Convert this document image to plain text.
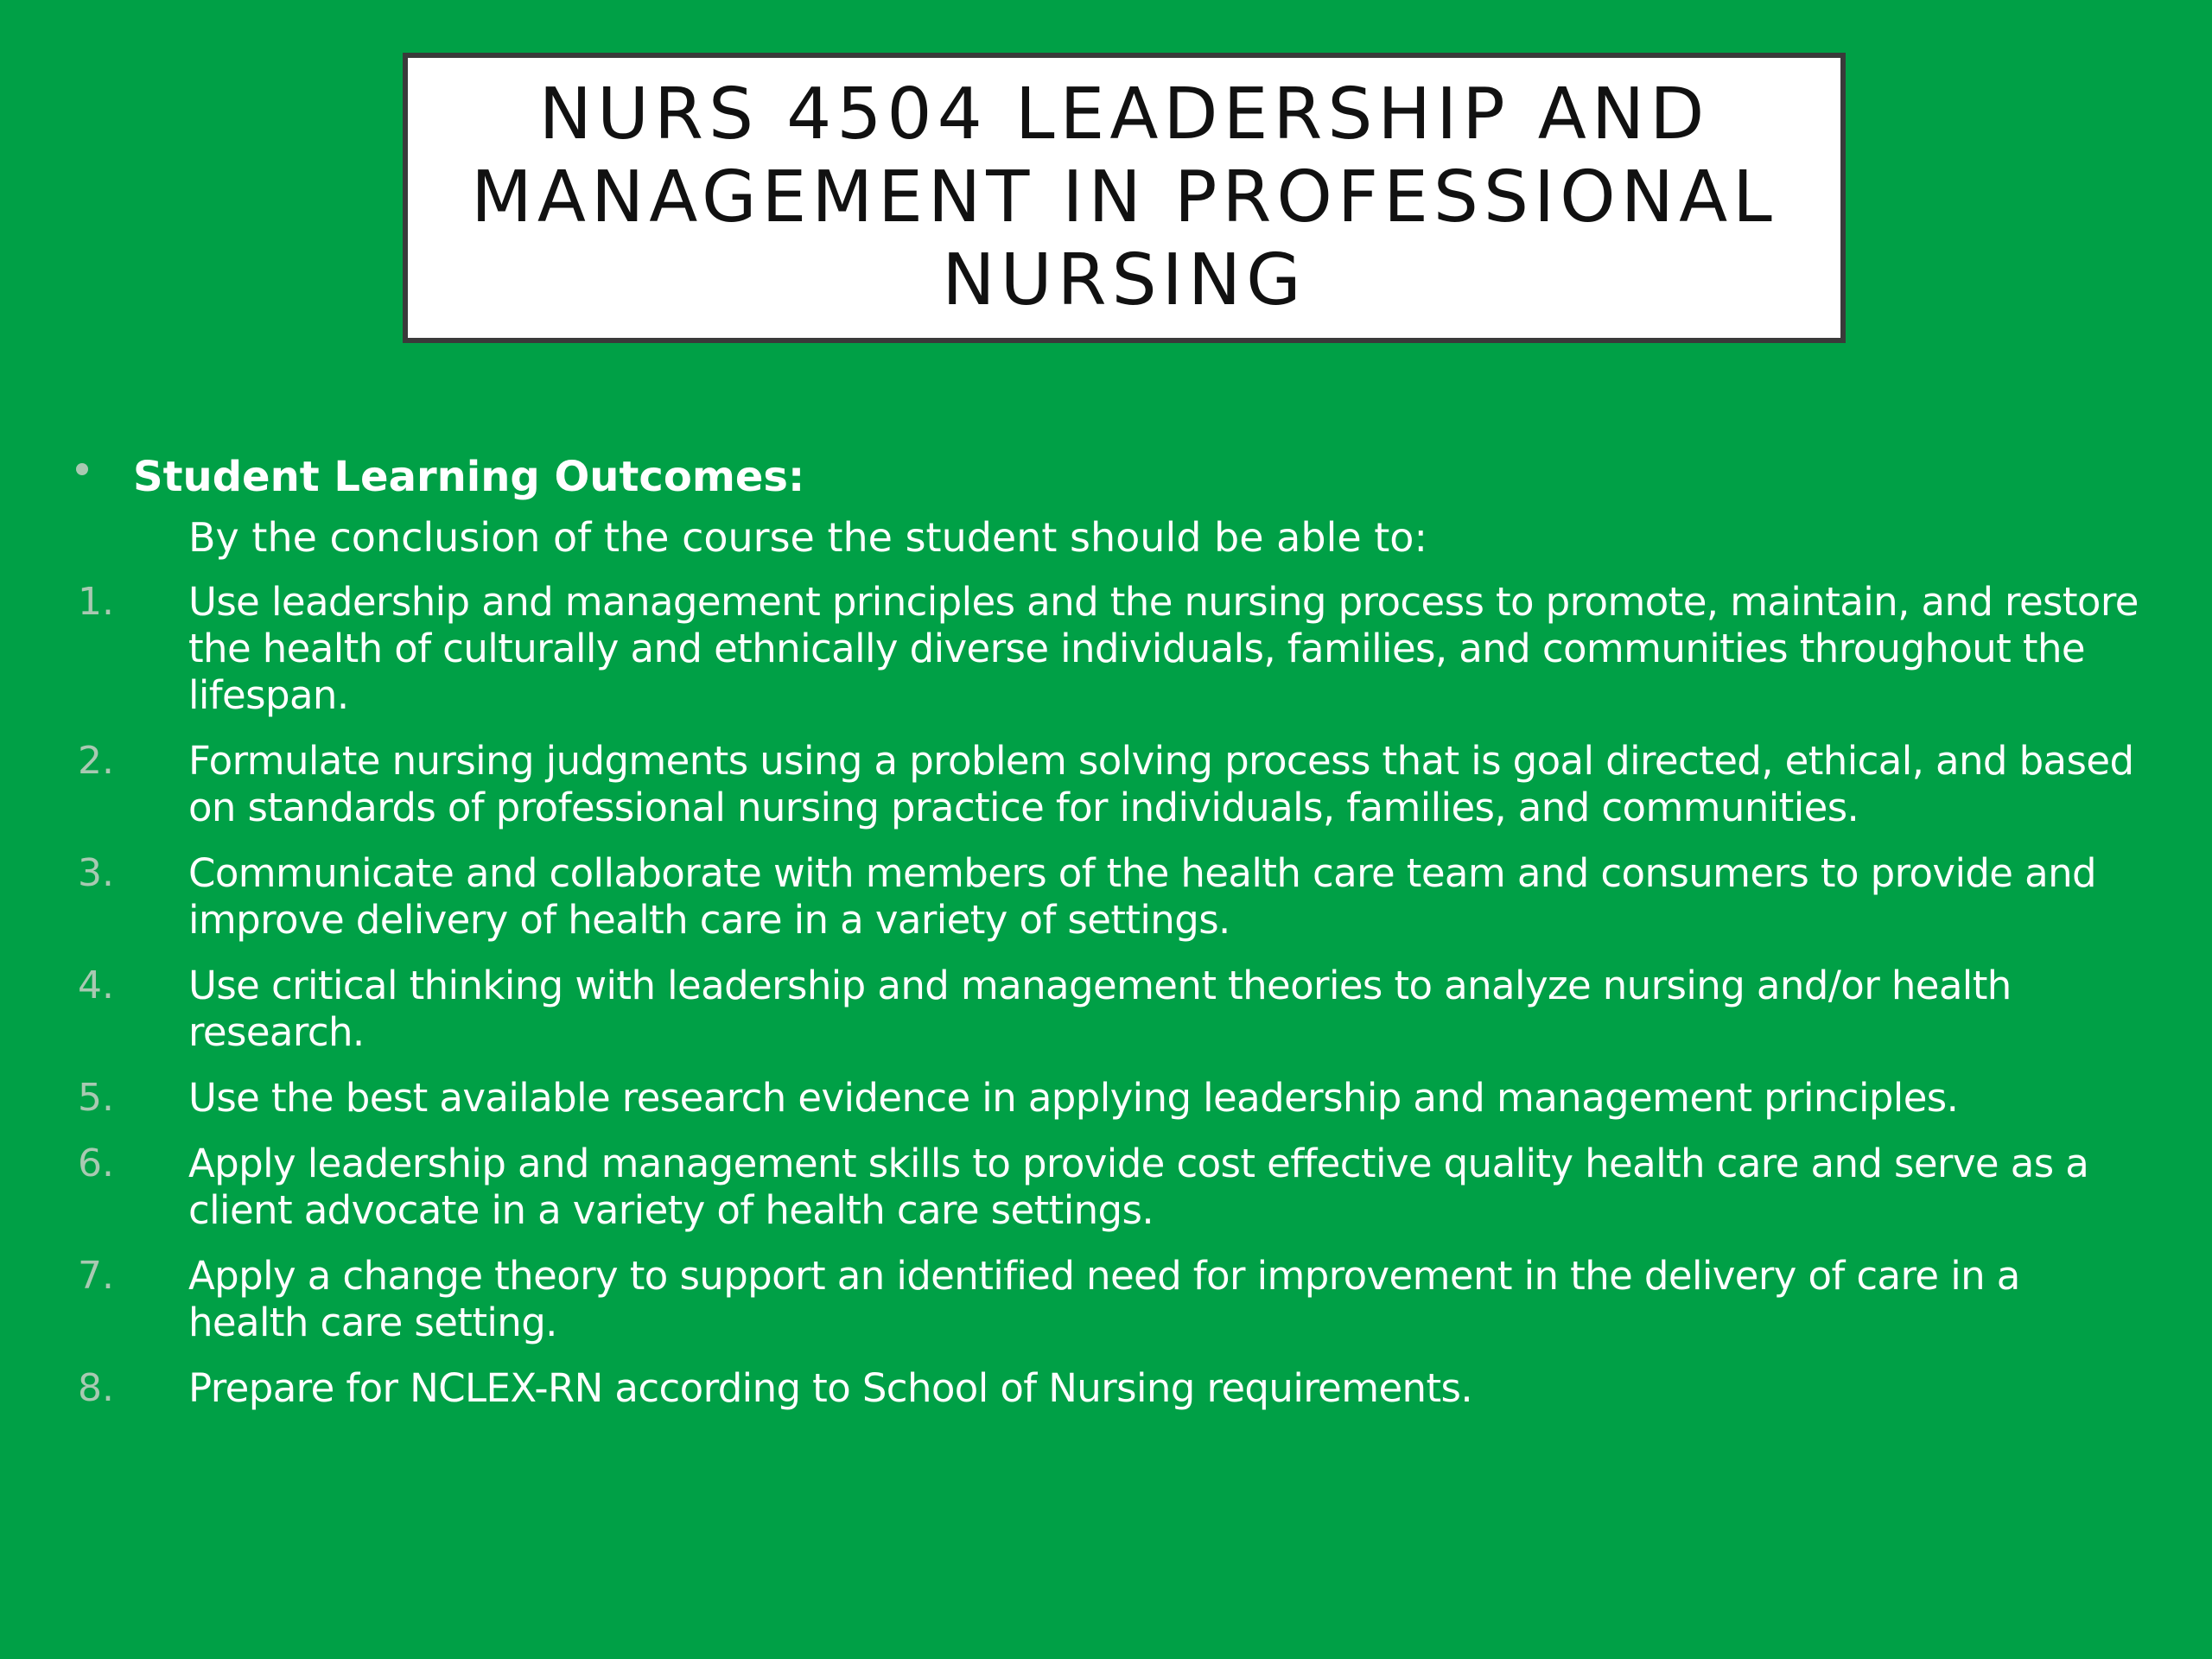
NURS 4504 LEADERSHIP AND MANAGEMENT IN PROFESSIONAL NURSING
Student Learning Outcomes:
By the conclusion of the course the student should be able to:
1. Use leadership and management principles and the nursing process to promote, maintain, and restore the health of culturally and ethnically diverse individuals, families, and communities throughout the lifespan.
2. Formulate nursing judgments using a problem solving process that is goal directed, ethical, and based on standards of professional nursing practice for individuals, families, and communities.
3. Communicate and collaborate with members of the health care team and consumers to provide and improve delivery of health care in a variety of settings.
4. Use critical thinking with leadership and management theories to analyze nursing and/or health research.
5. Use the best available research evidence in applying leadership and management principles.
6. Apply leadership and management skills to provide cost effective quality health care and serve as a client advocate in a variety of health care settings.
7. Apply a change theory to support an identified need for improvement in the delivery of care in a health care setting.
8. Prepare for NCLEX-RN according to School of Nursing requirements.
